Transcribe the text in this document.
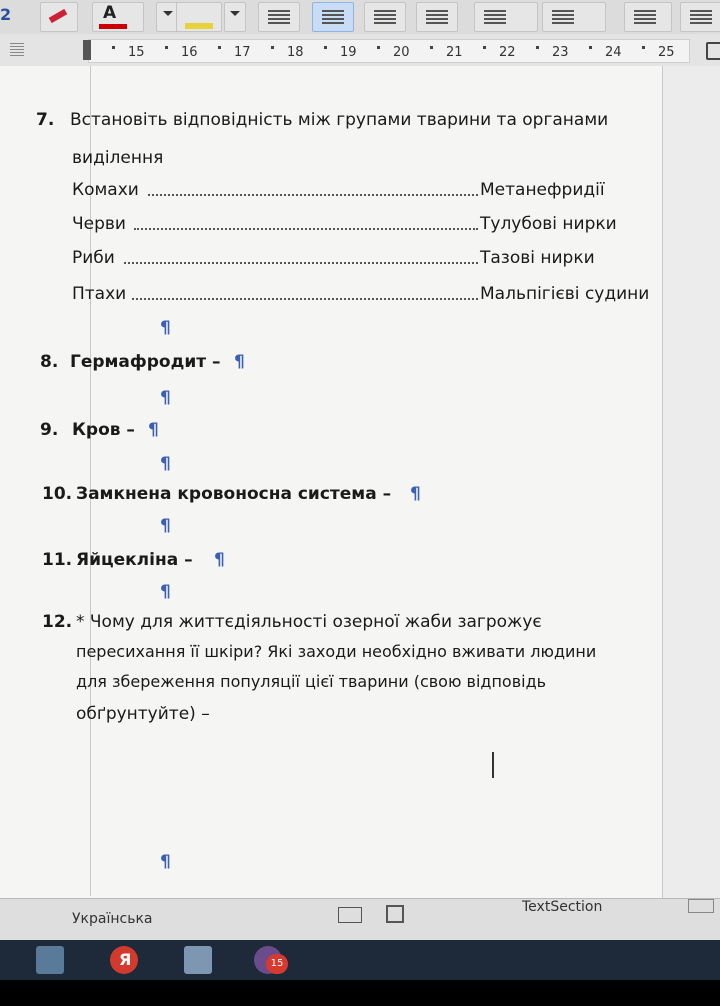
2	A
15	16	17	18	19	20	21	22	23	24	25
7. Встановіть відповідність між групами тварини та органами
виділення
Комахи	Метанефридії
Черви	Тулубові нирки
Риби	Тазові нирки
Птахи	Мальпігієві судини
¶
8. Гермафродит – ¶
¶
9. Кров – ¶
¶
10. Замкнена кровоносна система – ¶
¶
11. Яйцекліна – ¶
¶
12. * Чому для життєдіяльності озерної жаби загрожує
пересихання її шкіри? Які заходи необхідно вживати людини
для збереження популяції цієї тварини (свою відповідь
обґрунтуйте) –
¶
Українська
TextSection
Я	15
